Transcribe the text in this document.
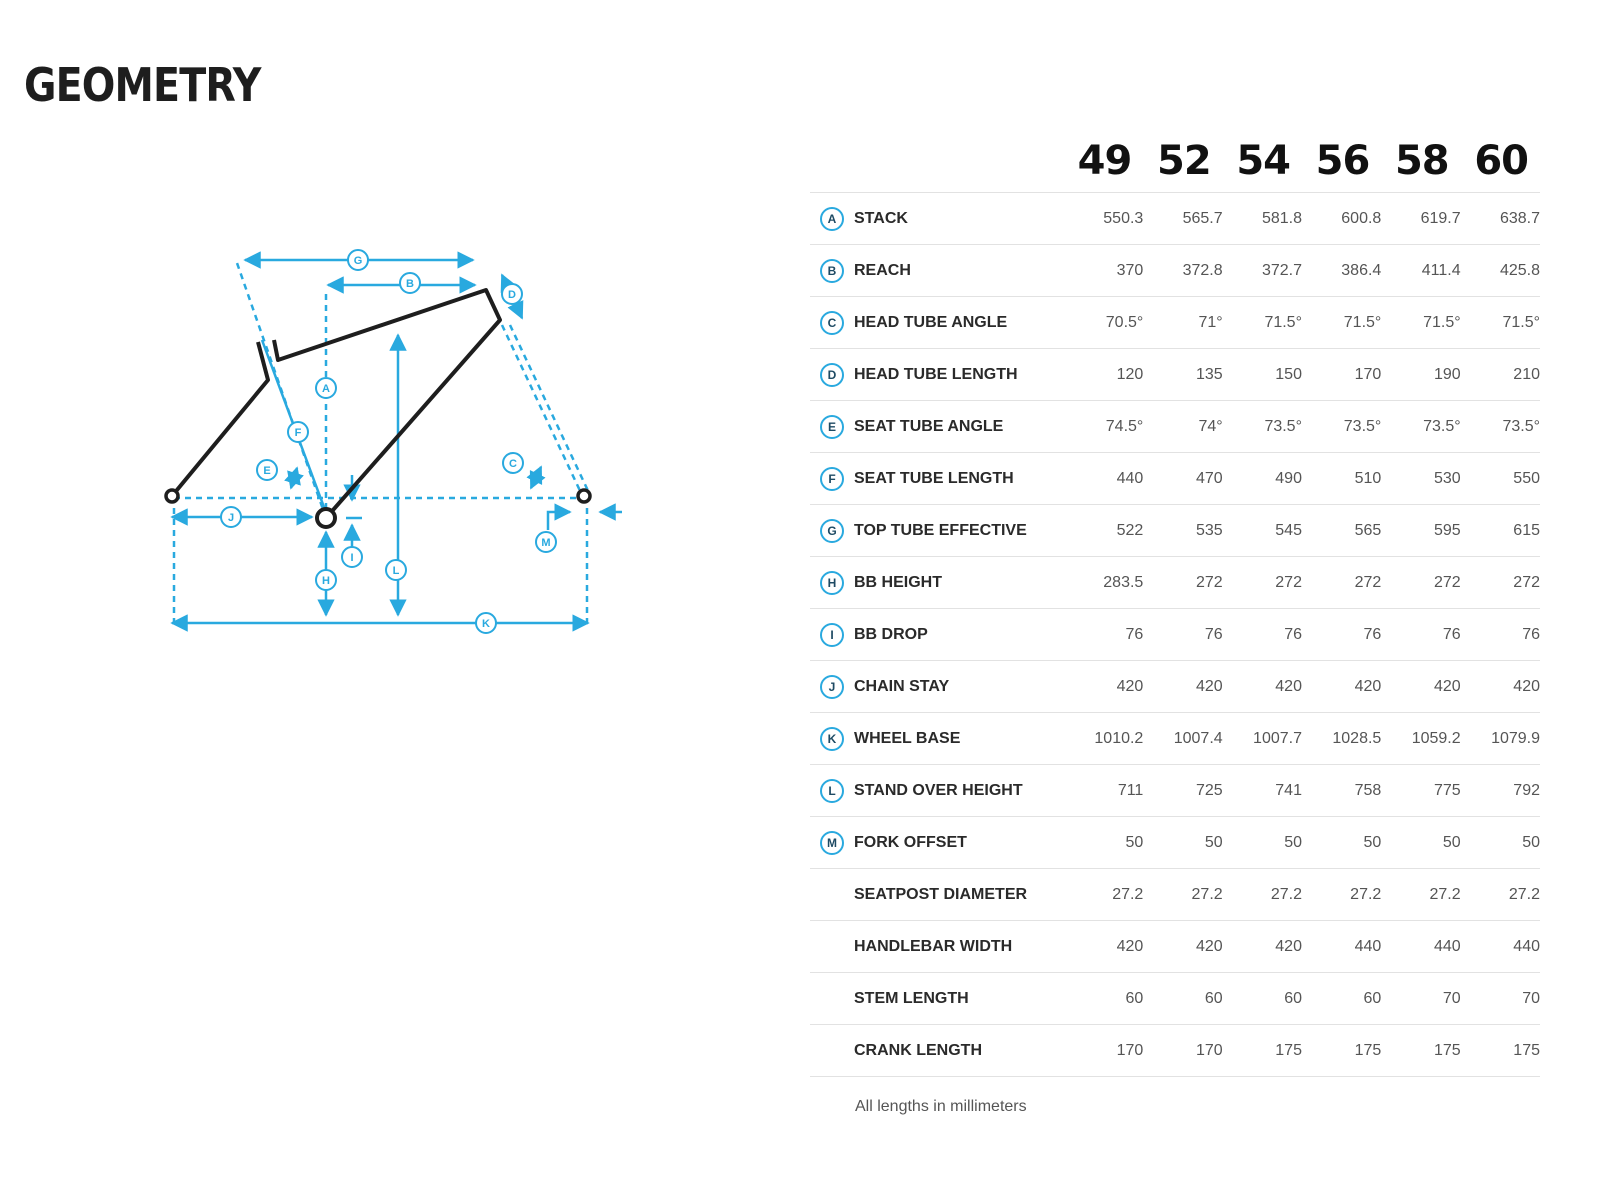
GEOMETRY
A
B
C
D
E
F
G
H
I
J
K
L
M
		49	52	54	56	58	60
A	STACK	550.3	565.7	581.8	600.8	619.7	638.7
B	REACH	370	372.8	372.7	386.4	411.4	425.8
C	HEAD TUBE ANGLE	70.5°	71°	71.5°	71.5°	71.5°	71.5°
D	HEAD TUBE LENGTH	120	135	150	170	190	210
E	SEAT TUBE ANGLE	74.5°	74°	73.5°	73.5°	73.5°	73.5°
F	SEAT TUBE LENGTH	440	470	490	510	530	550
G	TOP TUBE EFFECTIVE	522	535	545	565	595	615
H	BB HEIGHT	283.5	272	272	272	272	272
I	BB DROP	76	76	76	76	76	76
J	CHAIN STAY	420	420	420	420	420	420
K	WHEEL BASE	1010.2	1007.4	1007.7	1028.5	1059.2	1079.9
L	STAND OVER HEIGHT	711	725	741	758	775	792
M	FORK OFFSET	50	50	50	50	50	50
	SEATPOST DIAMETER	27.2	27.2	27.2	27.2	27.2	27.2
	HANDLEBAR WIDTH	420	420	420	440	440	440
	STEM LENGTH	60	60	60	60	70	70
	CRANK LENGTH	170	170	175	175	175	175
All lengths in millimeters
